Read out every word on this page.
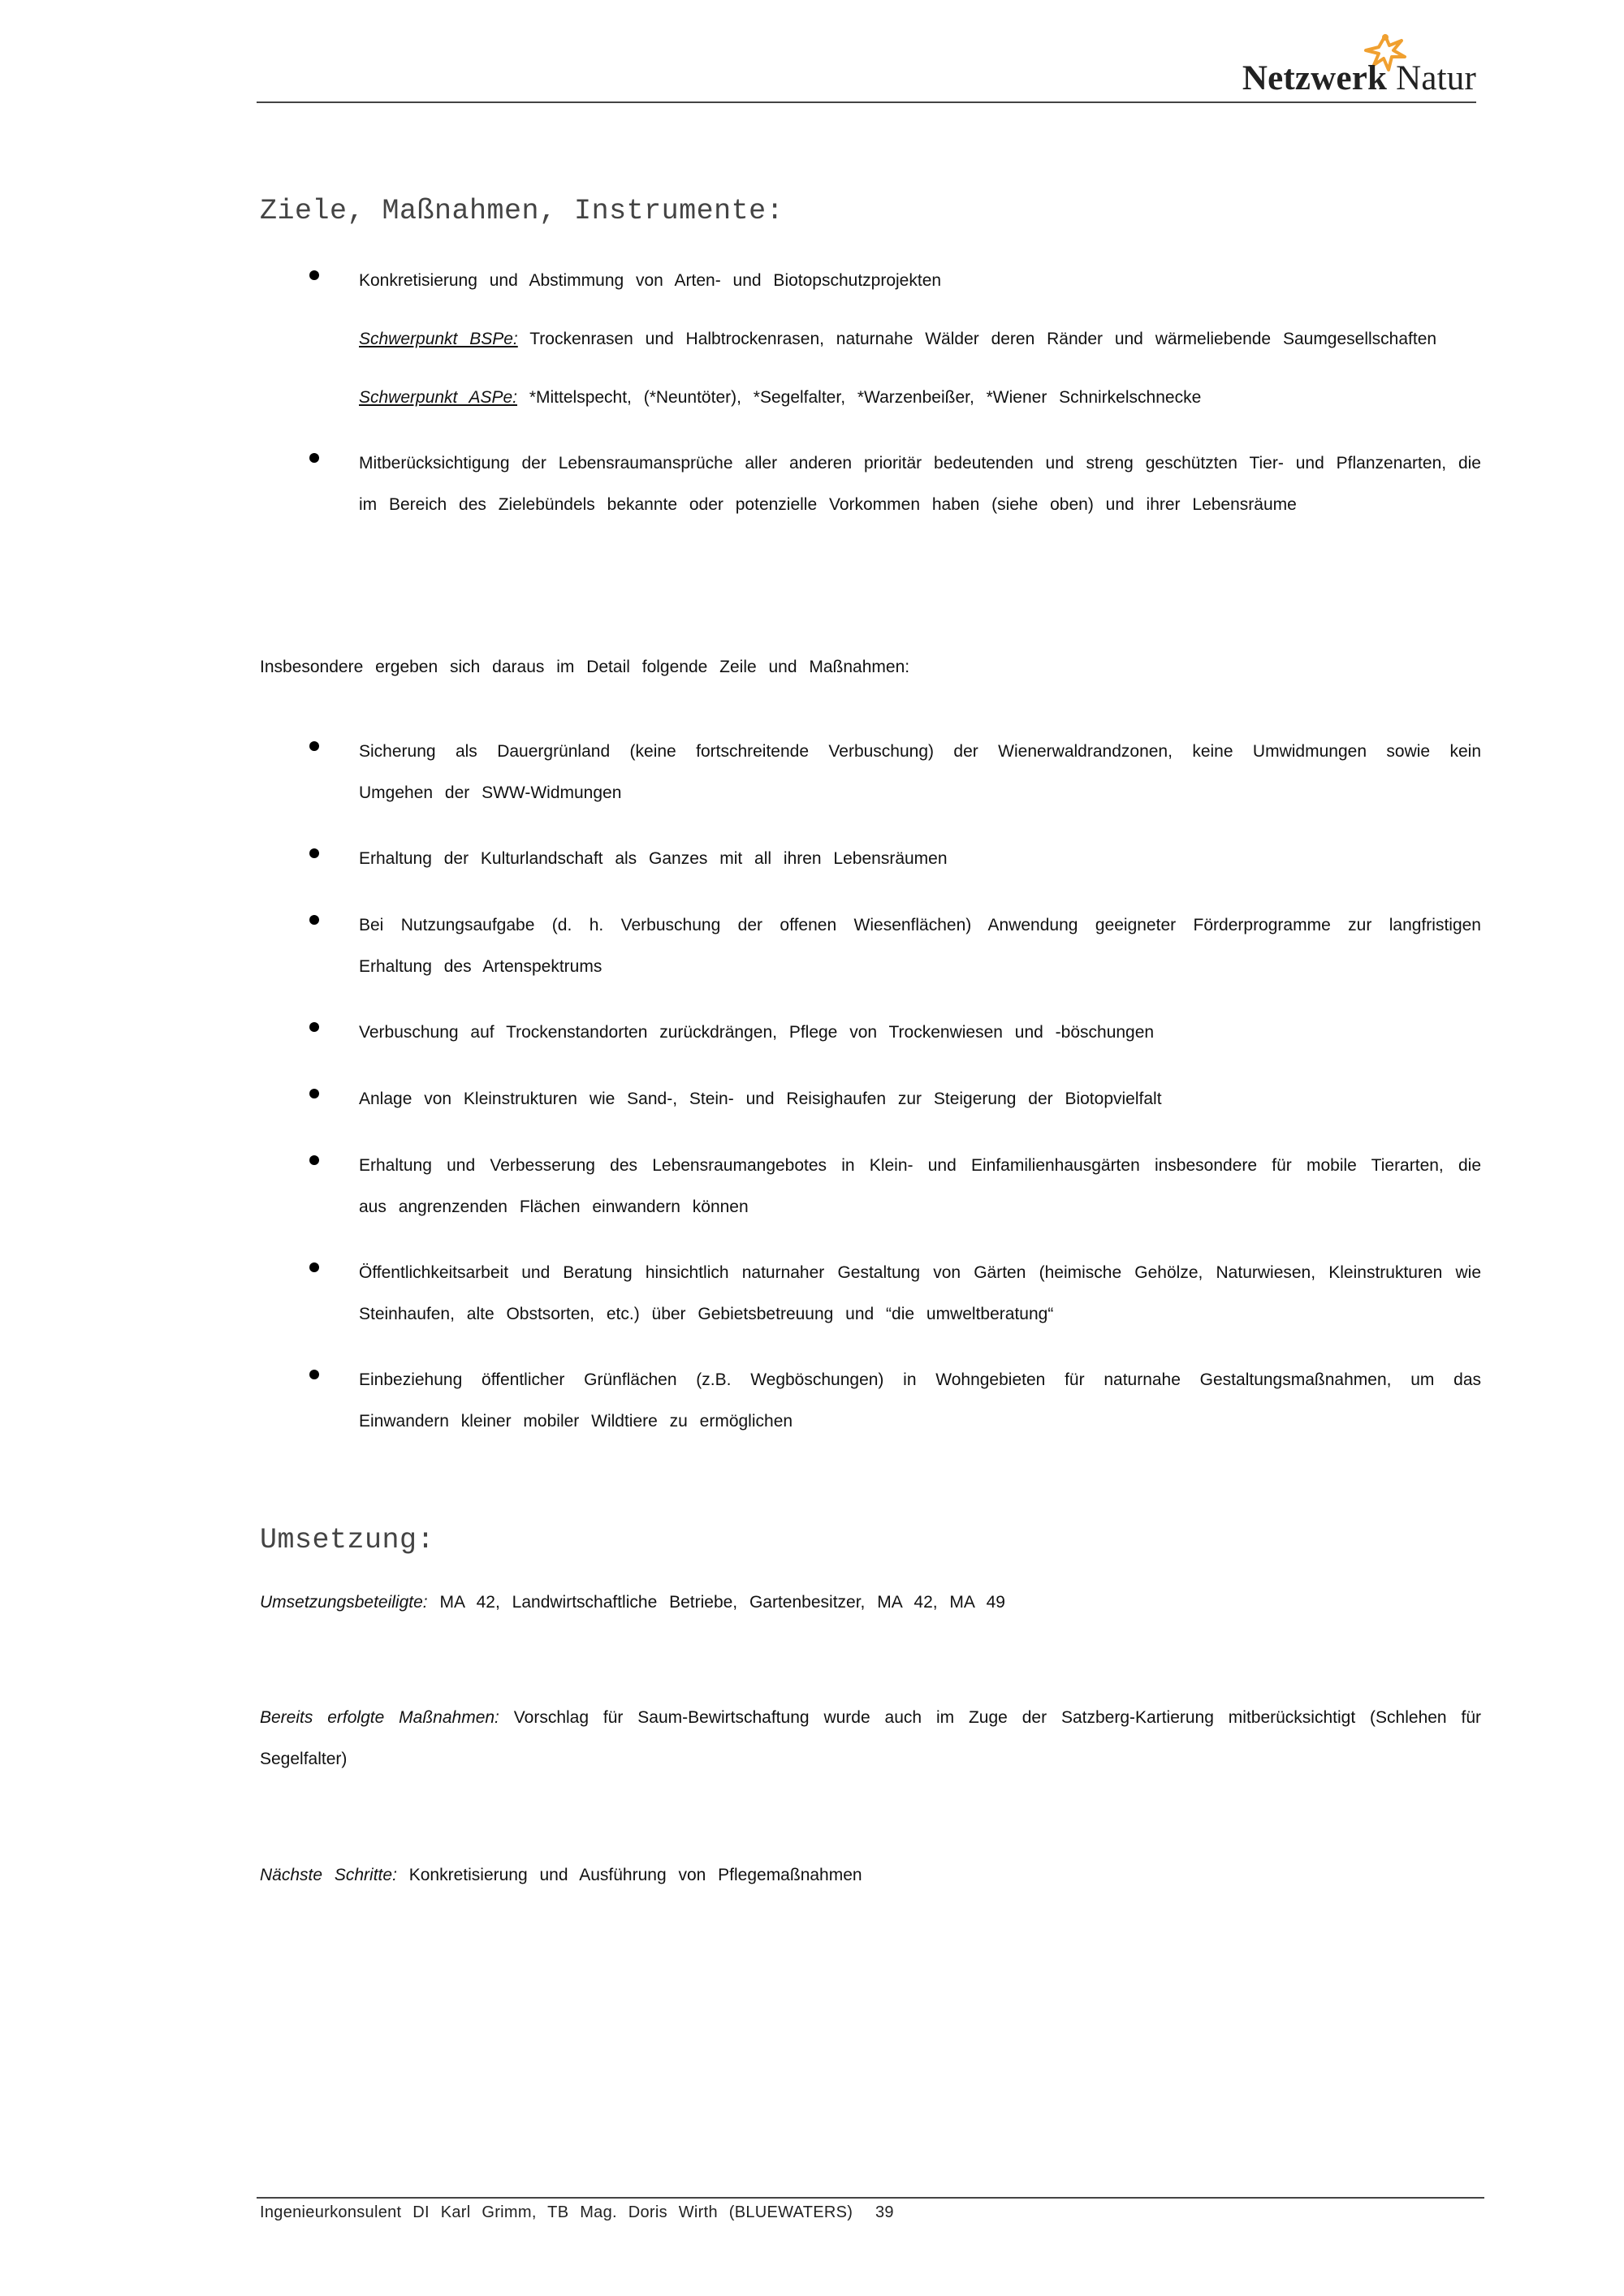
Netzwerk Natur
Ziele, Maßnahmen, Instrumente:
Konkretisierung und Abstimmung von Arten- und Biotopschutzprojekten
Schwerpunkt BSPe: Trockenrasen und Halbtrockenrasen, naturnahe Wälder deren Ränder und wärmeliebende Saumgesellschaften
Schwerpunkt ASPe: *Mittelspecht, (*Neuntöter), *Segelfalter, *Warzenbeißer, *Wiener Schnirkelschnecke
Mitberücksichtigung der Lebensraumansprüche aller anderen prioritär bedeutenden und streng geschützten Tier- und Pflanzenarten, die im Bereich des Zielebündels bekannte oder potenzielle Vorkommen haben (siehe oben) und ihrer Lebensräume
Insbesondere ergeben sich daraus im Detail folgende Zeile und Maßnahmen:
Sicherung als Dauergrünland (keine fortschreitende Verbuschung) der Wienerwaldrandzonen, keine Umwidmungen sowie kein Umgehen der SWW-Widmungen
Erhaltung der Kulturlandschaft als Ganzes mit all ihren Lebensräumen
Bei Nutzungsaufgabe (d. h. Verbuschung der offenen Wiesenflächen) Anwendung geeigneter Förderprogramme zur langfristigen Erhaltung des Artenspektrums
Verbuschung auf Trockenstandorten zurückdrängen, Pflege von Trockenwiesen und -böschungen
Anlage von Kleinstrukturen wie Sand-, Stein- und Reisighaufen zur Steigerung der Biotopvielfalt
Erhaltung und Verbesserung des Lebensraumangebotes in Klein- und Einfamilienhausgärten insbesondere für mobile Tierarten, die aus angrenzenden Flächen einwandern können
Öffentlichkeitsarbeit und Beratung hinsichtlich naturnaher Gestaltung von Gärten (heimische Gehölze, Naturwiesen, Kleinstrukturen wie Steinhaufen, alte Obstsorten, etc.) über Gebietsbetreuung und “die umweltberatung“
Einbeziehung öffentlicher Grünflächen (z.B. Wegböschungen) in Wohngebieten für naturnahe Gestaltungsmaßnahmen, um das Einwandern kleiner mobiler Wildtiere zu ermöglichen
Umsetzung:
Umsetzungsbeteiligte: MA 42, Landwirtschaftliche Betriebe, Gartenbesitzer, MA 42, MA 49
Bereits erfolgte Maßnahmen: Vorschlag für Saum-Bewirtschaftung wurde auch im Zuge der Satzberg-Kartierung mitberücksichtigt (Schlehen für Segelfalter)
Nächste Schritte: Konkretisierung und Ausführung von Pflegemaßnahmen
Ingenieurkonsulent DI Karl Grimm, TB Mag. Doris Wirth (BLUEWATERS) 39
